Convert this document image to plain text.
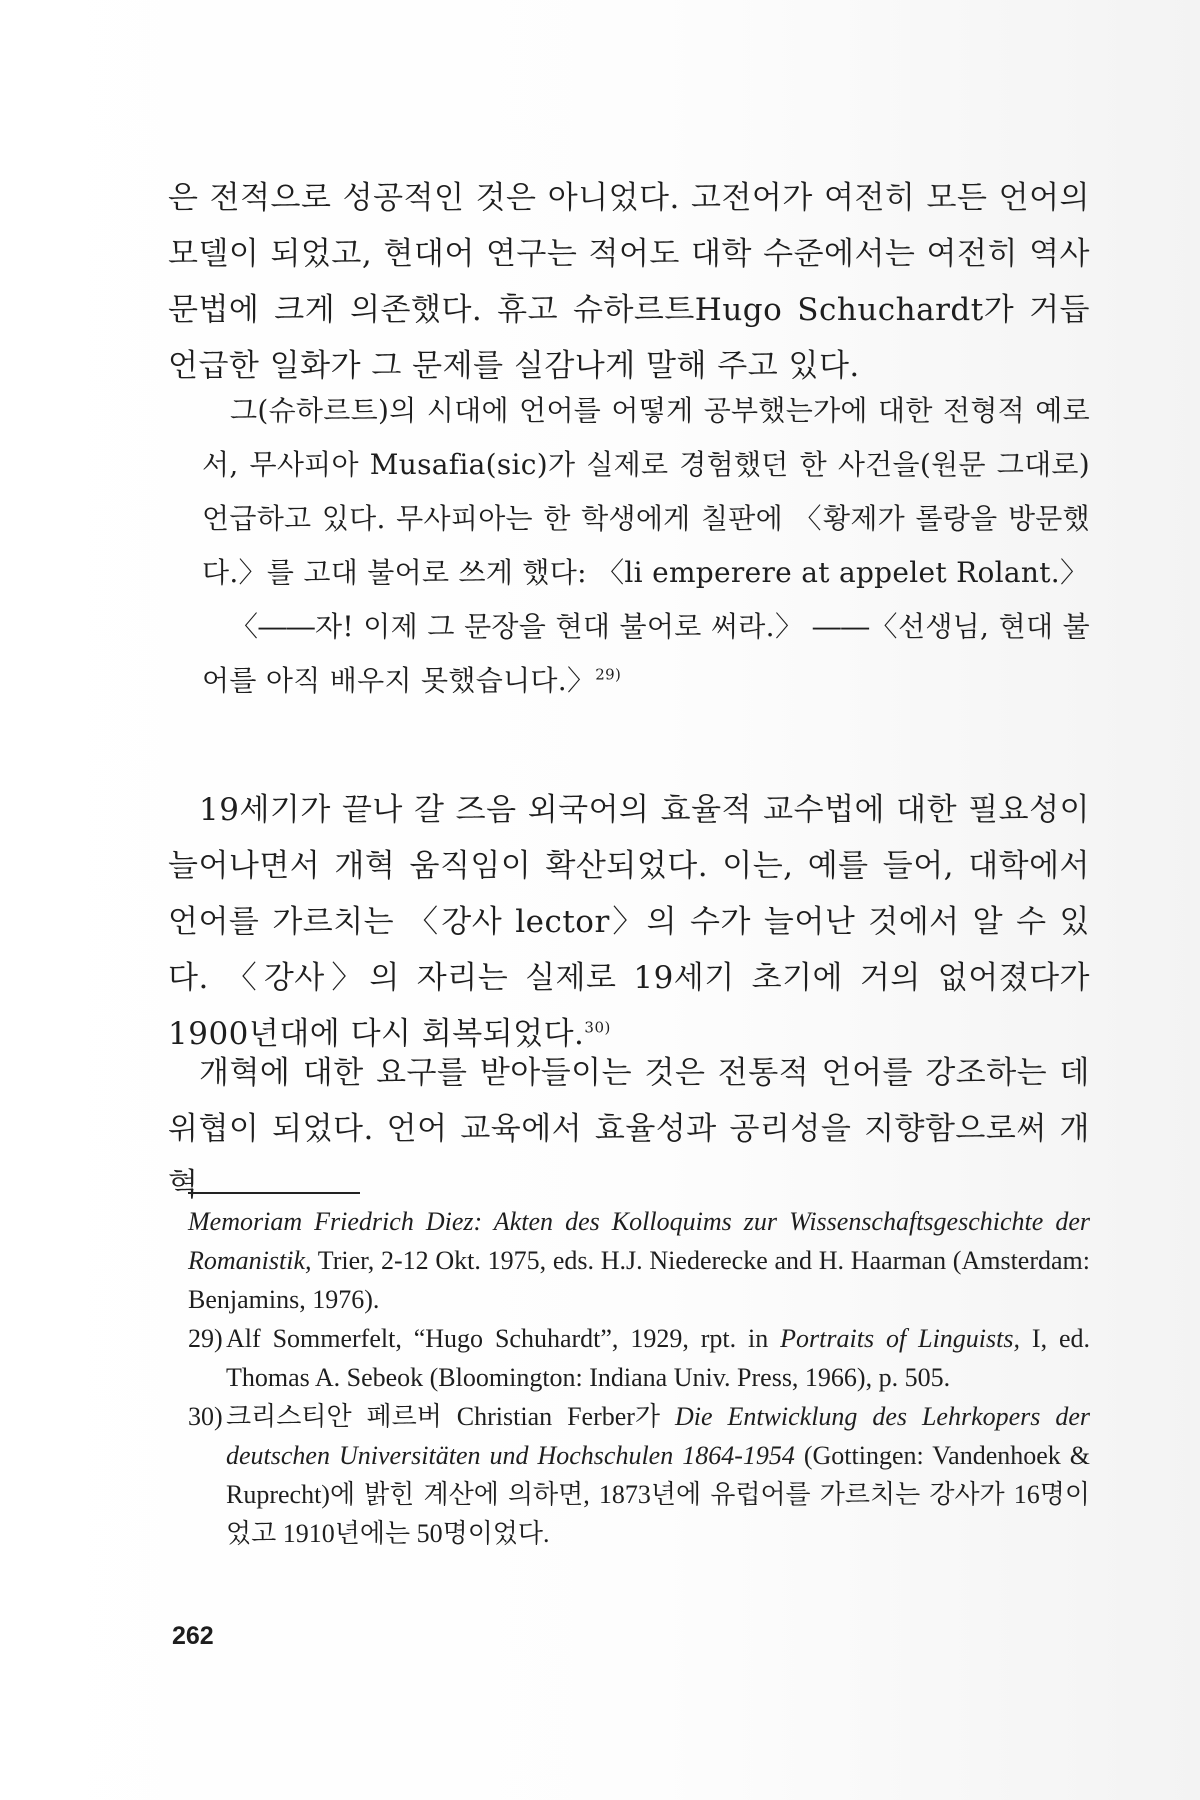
은 전적으로 성공적인 것은 아니었다. 고전어가 여전히 모든 언어의 모델이 되었고, 현대어 연구는 적어도 대학 수준에서는 여전히 역사문법에 크게 의존했다. 휴고 슈하르트Hugo Schuchardt가 거듭 언급한 일화가 그 문제를 실감나게 말해 주고 있다.

그(슈하르트)의 시대에 언어를 어떻게 공부했는가에 대한 전형적 예로서, 무사피아 Musafia(sic)가 실제로 경험했던 한 사건을(원문 그대로) 언급하고 있다. 무사피아는 한 학생에게 칠판에 〈황제가 롤랑을 방문했다.〉를 고대 불어로 쓰게 했다: 〈li emperere at appelet Rolant.〉

〈――자! 이제 그 문장을 현대 불어로 써라.〉 ――〈선생님, 현대 불어를 아직 배우지 못했습니다.〉$^{29)}$

19세기가 끝나 갈 즈음 외국어의 효율적 교수법에 대한 필요성이 늘어나면서 개혁 움직임이 확산되었다. 이는, 예를 들어, 대학에서 언어를 가르치는 〈강사 lector〉의 수가 늘어난 것에서 알 수 있다. 〈강사〉의 자리는 실제로 19세기 초기에 거의 없어졌다가 1900년대에 다시 회복되었다.$^{30)}$

개혁에 대한 요구를 받아들이는 것은 전통적 언어를 강조하는 데 위협이 되었다. 언어 교육에서 효율성과 공리성을 지향함으로써 개혁

Memoriam Friedrich Diez: Akten des Kolloquims zur Wissenschaftsgeschichte der Romanistik, Trier, 2-12 Okt. 1975, eds. H.J. Niederecke and H. Haarman (Amsterdam: Benjamins, 1976).

29) Alf Sommerfelt, “Hugo Schuhardt”, 1929, rpt. in Portraits of Linguists, I, ed. Thomas A. Sebeok (Bloomington: Indiana Univ. Press, 1966), p. 505.

30) 크리스티안 페르버 Christian Ferber가 Die Entwicklung des Lehrkopers der deutschen Universitäten und Hochschulen 1864-1954 (Gottingen: Vandenhoek & Ruprecht)에 밝힌 계산에 의하면, 1873년에 유럽어를 가르치는 강사가 16명이었고 1910년에는 50명이었다.

262
